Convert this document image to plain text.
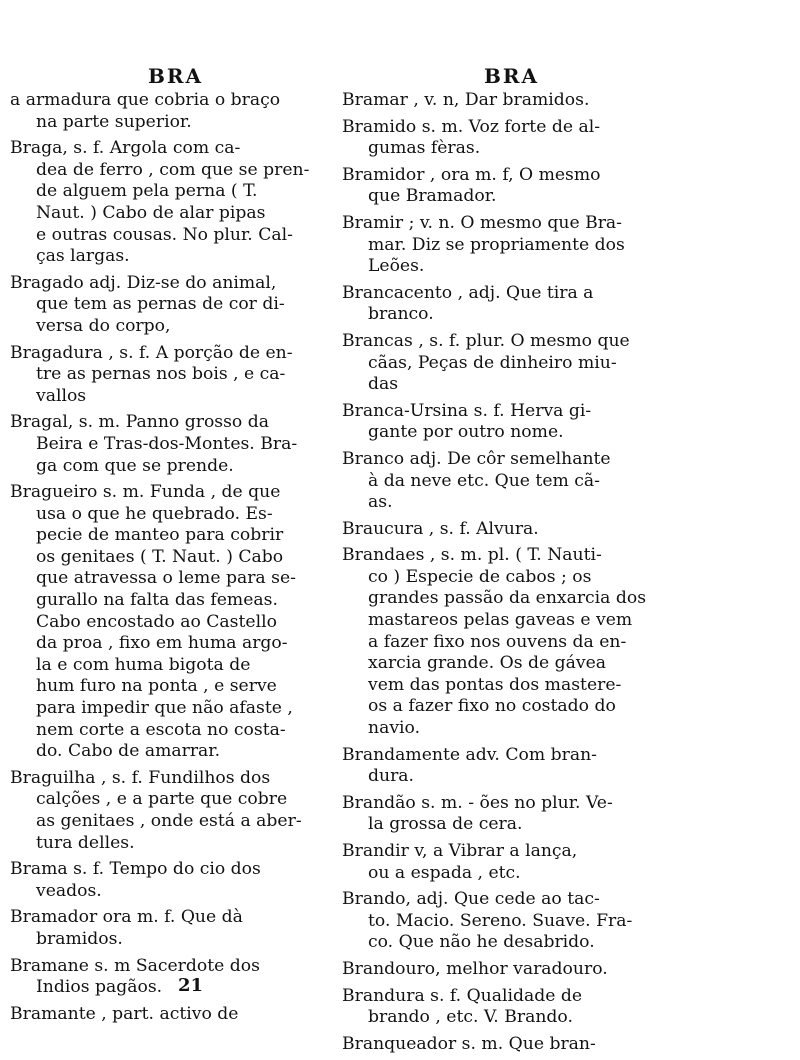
BRA	BRA
a armadura que cobria o braço
na parte superior.
Braga, s. f. Argola com ca-
dea de ferro , com que se pren-
de alguem pela perna ( T.
Naut. ) Cabo de alar pipas
e outras cousas. No plur. Cal-
ças largas.
Bragado adj. Diz-se do animal,
que tem as pernas de cor di-
versa do corpo,
Bragadura , s. f. A porção de en-
tre as pernas nos bois , e ca-
vallos
Bragal, s. m. Panno grosso da
Beira e Tras-dos-Montes. Bra-
ga com que se prende.
Bragueiro s. m. Funda , de que
usa o que he quebrado. Es-
pecie de manteo para cobrir
os genitaes ( T. Naut. ) Cabo
que atravessa o leme para se-
gurallo na falta das femeas.
Cabo encostado ao Castello
da proa , fixo em huma argo-
la e com huma bigota de
hum furo na ponta , e serve
para impedir que não afaste ,
nem corte a escota no costa-
do. Cabo de amarrar.
Braguilha , s. f. Fundilhos dos
calções , e a parte que cobre
as genitaes , onde está a aber-
tura delles.
Brama s. f. Tempo do cio dos
veados.
Bramador ora m. f. Que dà
bramidos.
Bramane s. m Sacerdote dos
Indios pagãos.
Bramante , part. activo de
Bramar , v. n, Dar bramidos.
Bramido s. m. Voz forte de al-
gumas fèras.
Bramidor , ora m. f, O mesmo
que Bramador.
Bramir ; v. n. O mesmo que Bra-
mar. Diz se propriamente dos
Leões.
Brancacento , adj. Que tira a
branco.
Brancas , s. f. plur. O mesmo que
cãas, Peças de dinheiro miu-
das
Branca-Ursina s. f. Herva gi-
gante por outro nome.
Branco adj. De côr semelhante
à da neve etc. Que tem cã-
as.
Braucura , s. f. Alvura.
Brandaes , s. m. pl. ( T. Nauti-
co ) Especie de cabos ; os
grandes passão da enxarcia dos
mastareos pelas gaveas e vem
a fazer fixo nos ouvens da en-
xarcia grande. Os de gávea
vem das pontas dos mastere-
os a fazer fixo no costado do
navio.
Brandamente adv. Com bran-
dura.
Brandão s. m. - ões no plur. Ve-
la grossa de cera.
Brandir v, a Vibrar a lança,
ou a espada , etc.
Brando, adj. Que cede ao tac-
to. Macio. Sereno. Suave. Fra-
co. Que não he desabrido.
Brandouro, melhor varadouro.
Brandura s. f. Qualidade de
brando , etc. V. Brando.
Branqueador s. m. Que bran-
21
